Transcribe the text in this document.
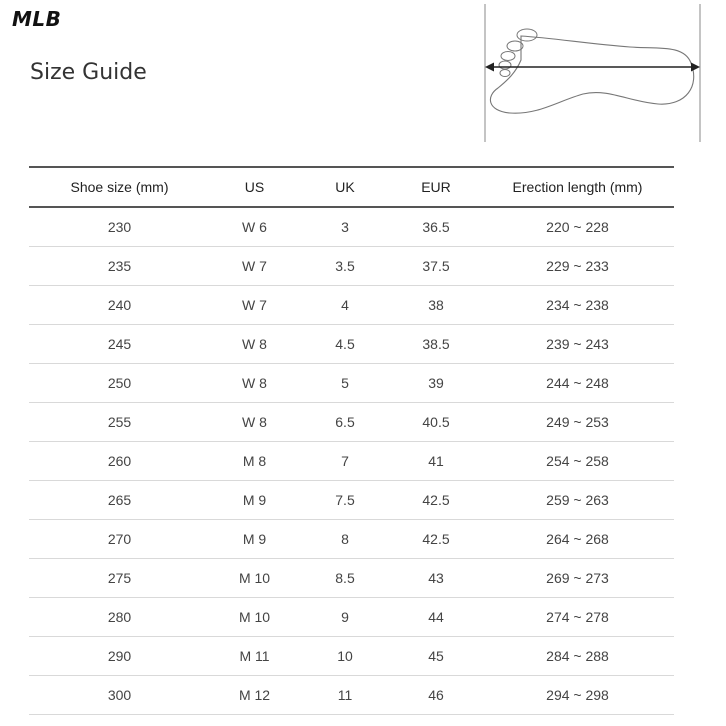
MLB
Size Guide
Shoe size (mm)	US	UK	EUR	Erection length (mm)
230	W 6	3	36.5	220 ~ 228
235	W 7	3.5	37.5	229 ~ 233
240	W 7	4	38	234 ~ 238
245	W 8	4.5	38.5	239 ~ 243
250	W 8	5	39	244 ~ 248
255	W 8	6.5	40.5	249 ~ 253
260	M 8	7	41	254 ~ 258
265	M 9	7.5	42.5	259 ~ 263
270	M 9	8	42.5	264 ~ 268
275	M 10	8.5	43	269 ~ 273
280	M 10	9	44	274 ~ 278
290	M 11	10	45	284 ~ 288
300	M 12	11	46	294 ~ 298
